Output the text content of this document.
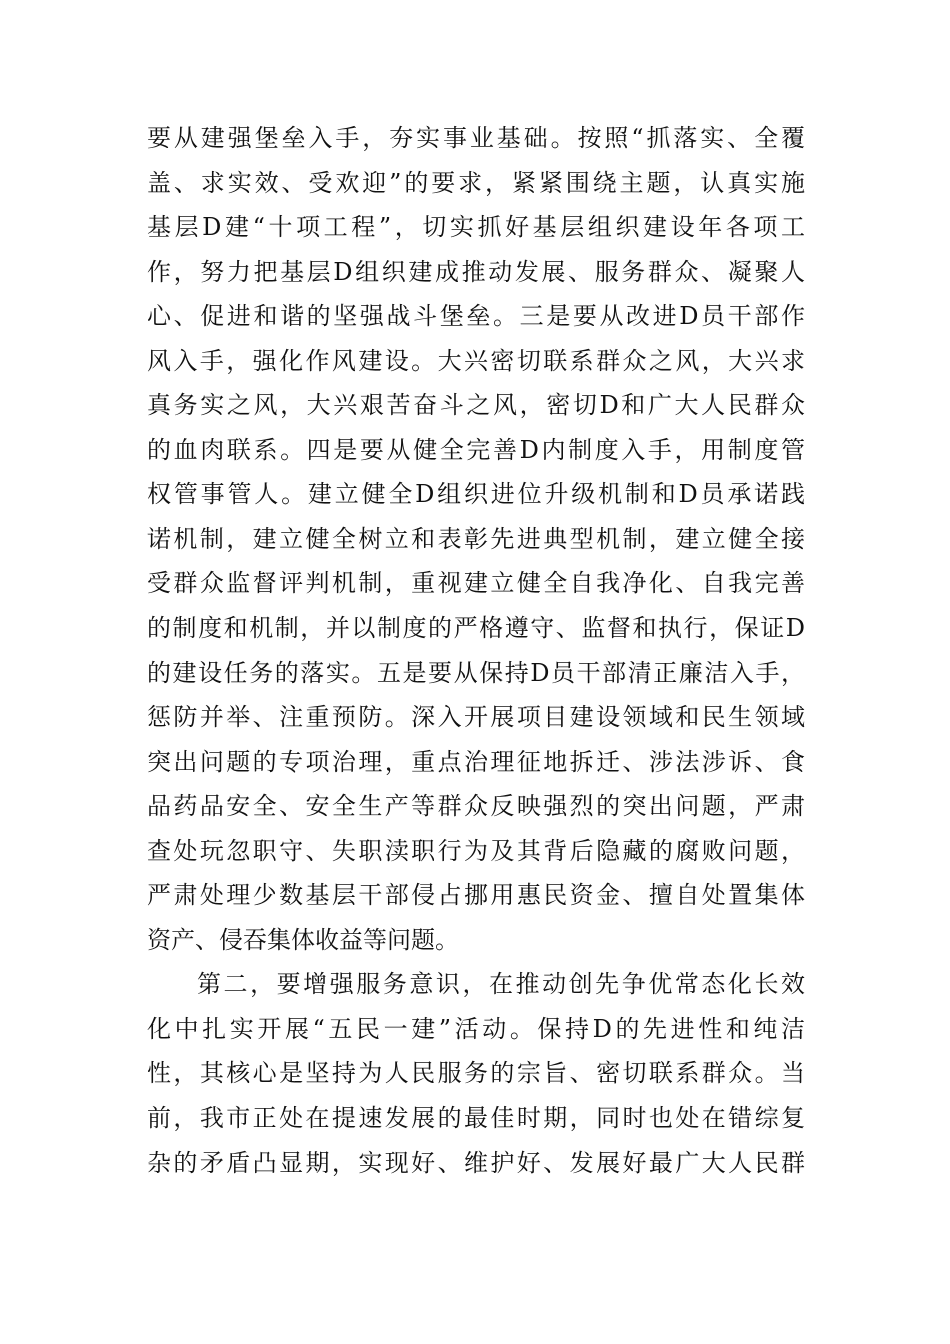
要从建强堡垒入手，夯实事业基础。按照“抓落实、全覆
盖、求实效、受欢迎”的要求，紧紧围绕主题，认真实施
基层D建“十项工程”，切实抓好基层组织建设年各项工
作，努力把基层D组织建成推动发展、服务群众、凝聚人
心、促进和谐的坚强战斗堡垒。三是要从改进D员干部作
风入手，强化作风建设。大兴密切联系群众之风，大兴求
真务实之风，大兴艰苦奋斗之风，密切D和广大人民群众
的血肉联系。四是要从健全完善D内制度入手，用制度管
权管事管人。建立健全D组织进位升级机制和D员承诺践
诺机制，建立健全树立和表彰先进典型机制，建立健全接
受群众监督评判机制，重视建立健全自我净化、自我完善
的制度和机制，并以制度的严格遵守、监督和执行，保证D
的建设任务的落实。五是要从保持D员干部清正廉洁入手，
惩防并举、注重预防。深入开展项目建设领域和民生领域
突出问题的专项治理，重点治理征地拆迁、涉法涉诉、食
品药品安全、安全生产等群众反映强烈的突出问题，严肃
查处玩忽职守、失职渎职行为及其背后隐藏的腐败问题，
严肃处理少数基层干部侵占挪用惠民资金、擅自处置集体
资产、侵吞集体收益等问题。
第二，要增强服务意识，在推动创先争优常态化长效
化中扎实开展“五民一建”活动。保持D的先进性和纯洁
性，其核心是坚持为人民服务的宗旨、密切联系群众。当
前，我市正处在提速发展的最佳时期，同时也处在错综复
杂的矛盾凸显期，实现好、维护好、发展好最广大人民群
